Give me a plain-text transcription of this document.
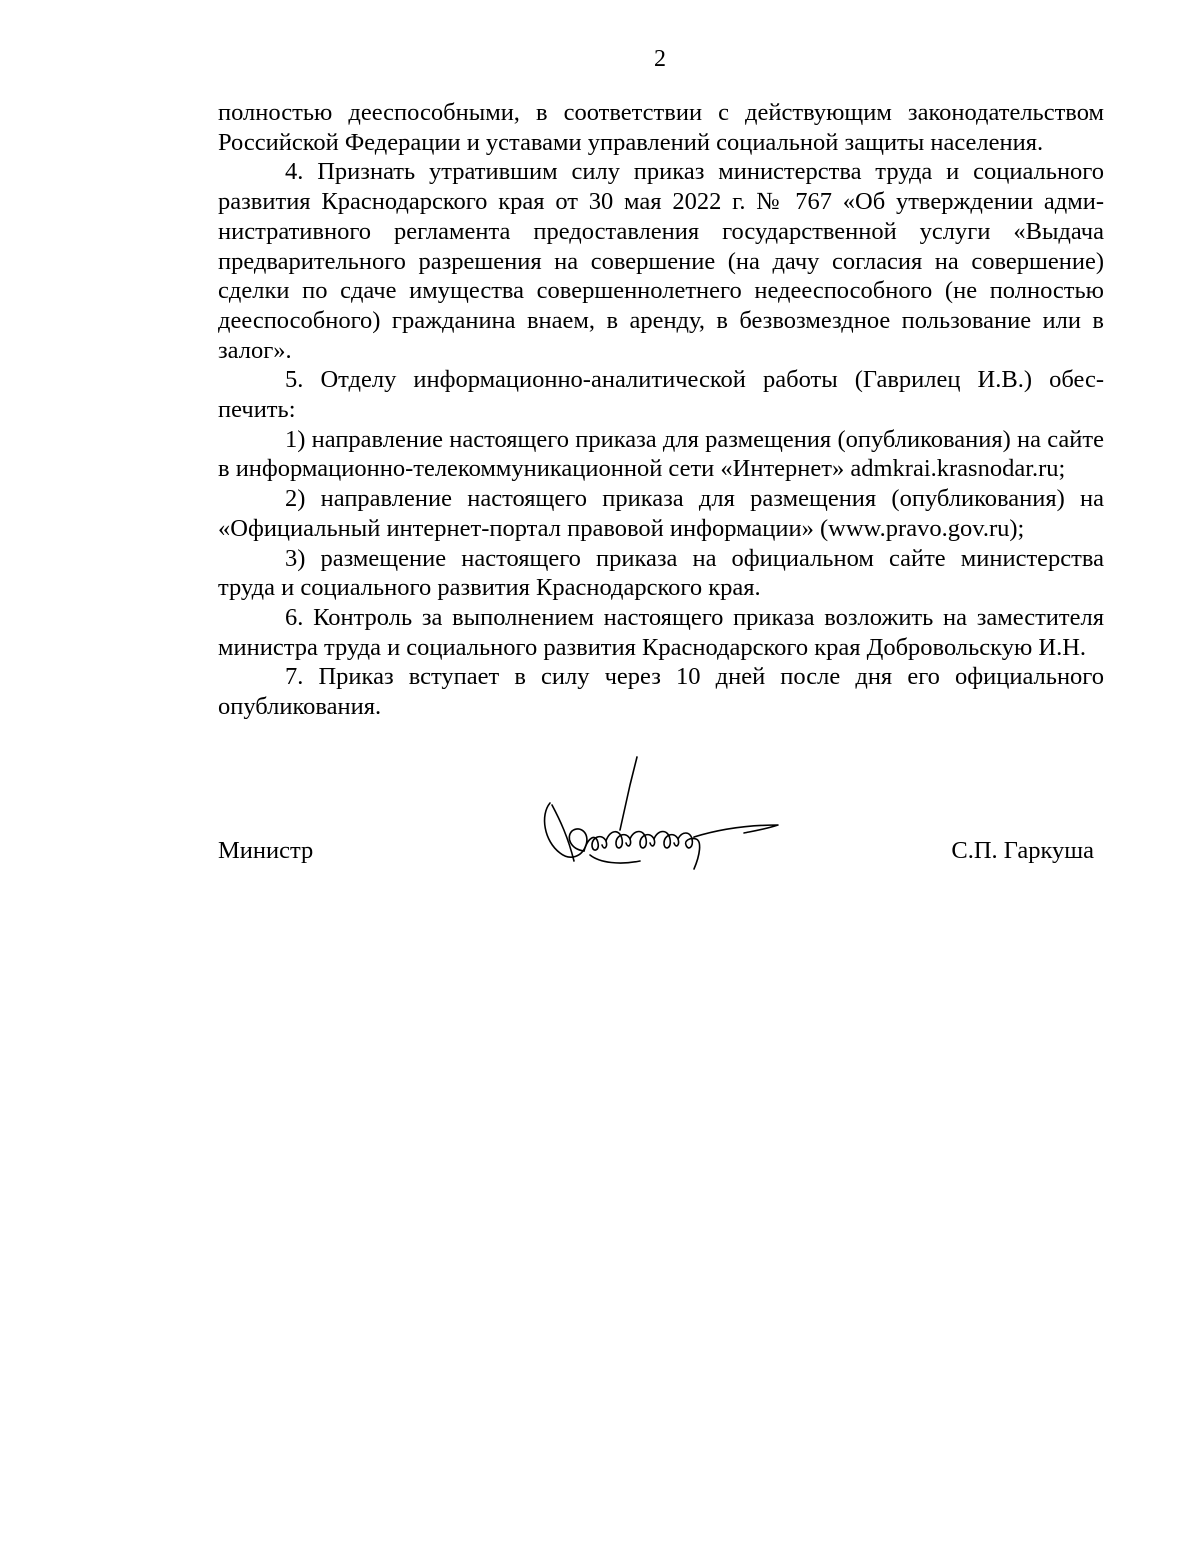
2

полностью дееспособными, в соответствии с действующим законодательством Российской Федерации и уставами управлений социальной защиты населения.

4. Признать утратившим силу приказ министерства труда и социального развития Краснодарского края от 30 мая 2022 г. № 767 «Об утверждении административного регламента предоставления государственной услуги «Выдача предварительного разрешения на совершение (на дачу согласия на совершение) сделки по сдаче имущества совершеннолетнего недееспособного (не полностью дееспособного) гражданина внаем, в аренду, в безвозмездное пользование или в залог».

5. Отделу информационно-аналитической работы (Гаврилец И.В.) обеспечить:

1) направление настоящего приказа для размещения (опубликования) на сайте в информационно-телекоммуникационной сети «Интернет» admkrai.krasnodar.ru;

2) направление настоящего приказа для размещения (опубликования) на «Официальный интернет-портал правовой информации» (www.pravo.gov.ru);

3) размещение настоящего приказа на официальном сайте министерства труда и социального развития Краснодарского края.

6. Контроль за выполнением настоящего приказа возложить на заместителя министра труда и социального развития Краснодарского края Добровольскую И.Н.

7. Приказ вступает в силу через 10 дней после дня его официального опубликования.

Министр	С.П. Гаркуша
